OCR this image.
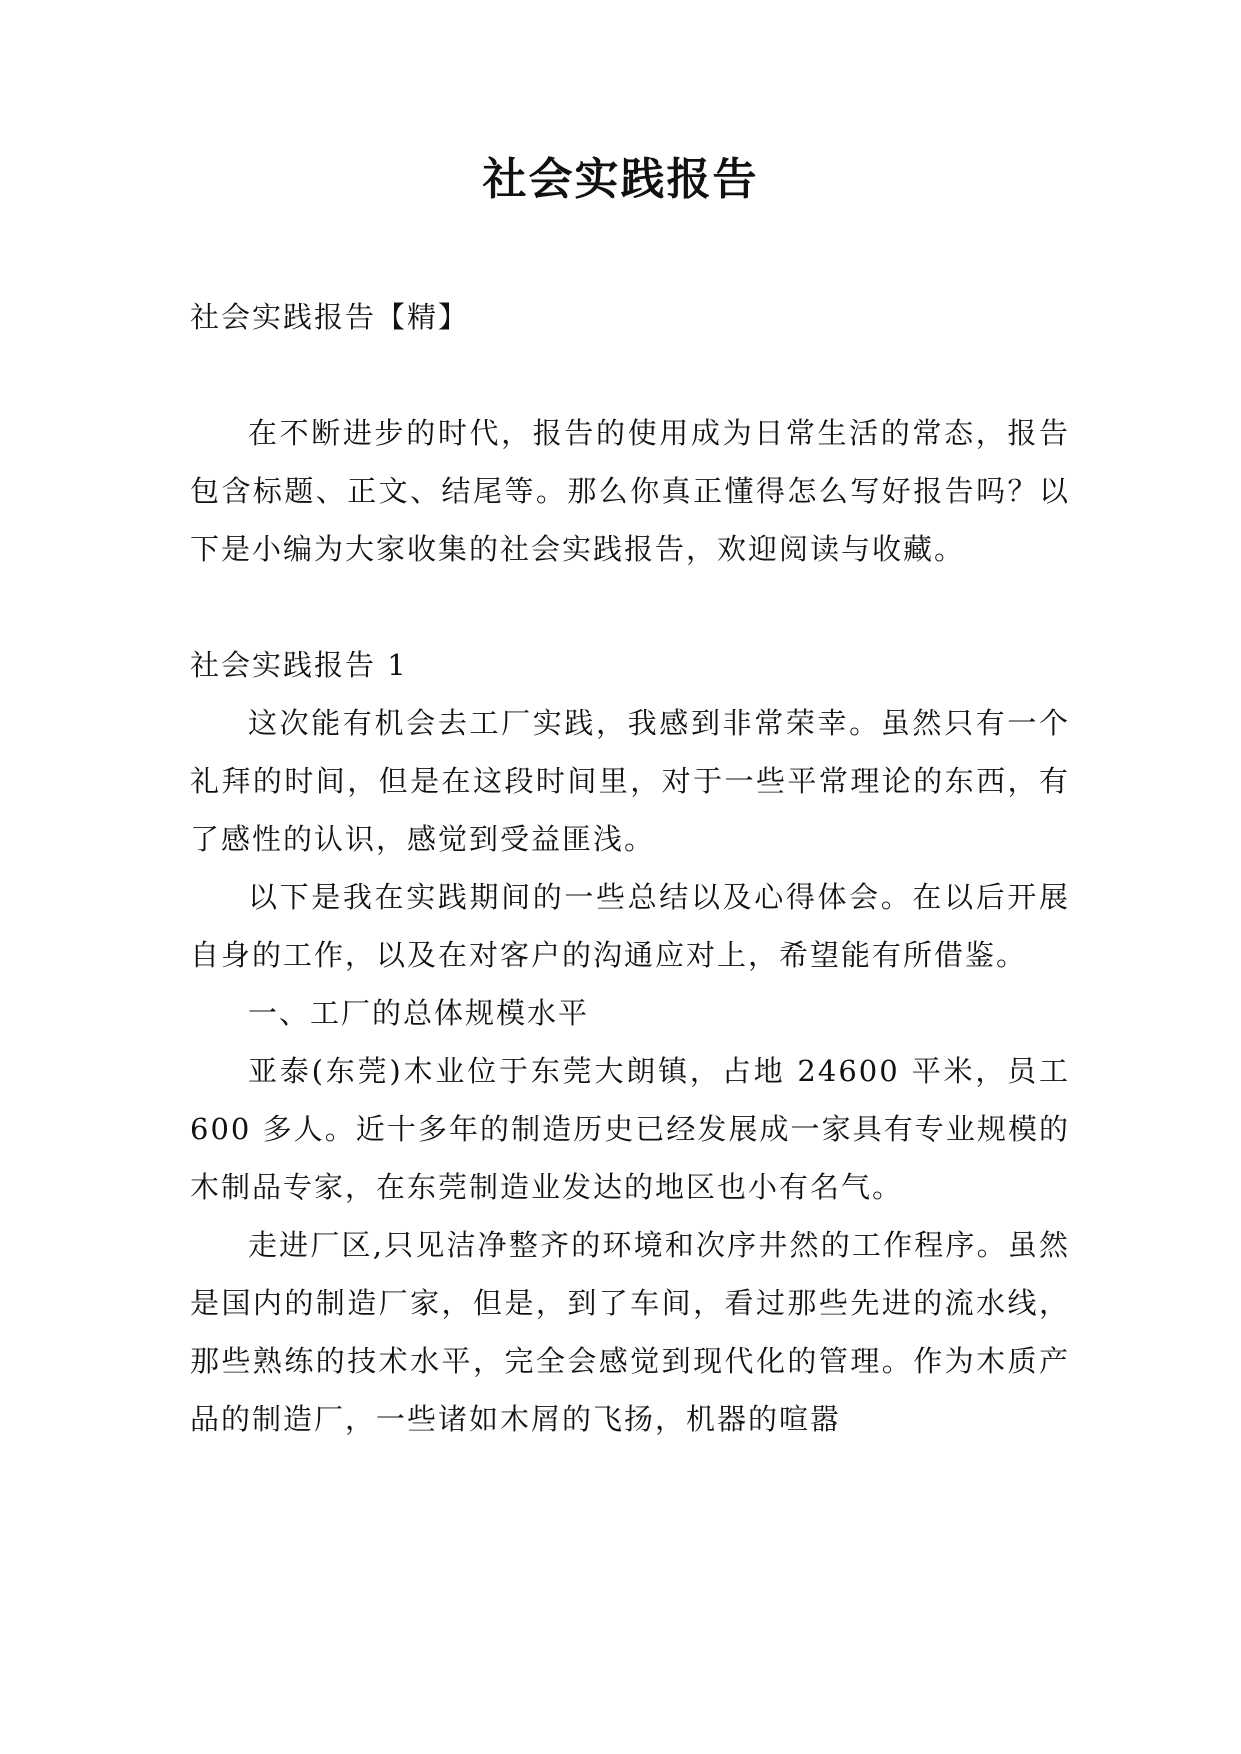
社会实践报告

社会实践报告【精】

在不断进步的时代，报告的使用成为日常生活的常态，报告包含标题、正文、结尾等。那么你真正懂得怎么写好报告吗？以下是小编为大家收集的社会实践报告，欢迎阅读与收藏。

社会实践报告 1

这次能有机会去工厂实践，我感到非常荣幸。虽然只有一个礼拜的时间，但是在这段时间里，对于一些平常理论的东西，有了感性的认识，感觉到受益匪浅。

以下是我在实践期间的一些总结以及心得体会。在以后开展自身的工作，以及在对客户的沟通应对上，希望能有所借鉴。

一、工厂的总体规模水平

亚泰(东莞)木业位于东莞大朗镇，占地 24600 平米，员工 600 多人。近十多年的制造历史已经发展成一家具有专业规模的木制品专家，在东莞制造业发达的地区也小有名气。

走进厂区,只见洁净整齐的环境和次序井然的工作程序。虽然是国内的制造厂家，但是，到了车间，看过那些先进的流水线，那些熟练的技术水平，完全会感觉到现代化的管理。作为木质产品的制造厂，一些诸如木屑的飞扬，机器的喧嚣
